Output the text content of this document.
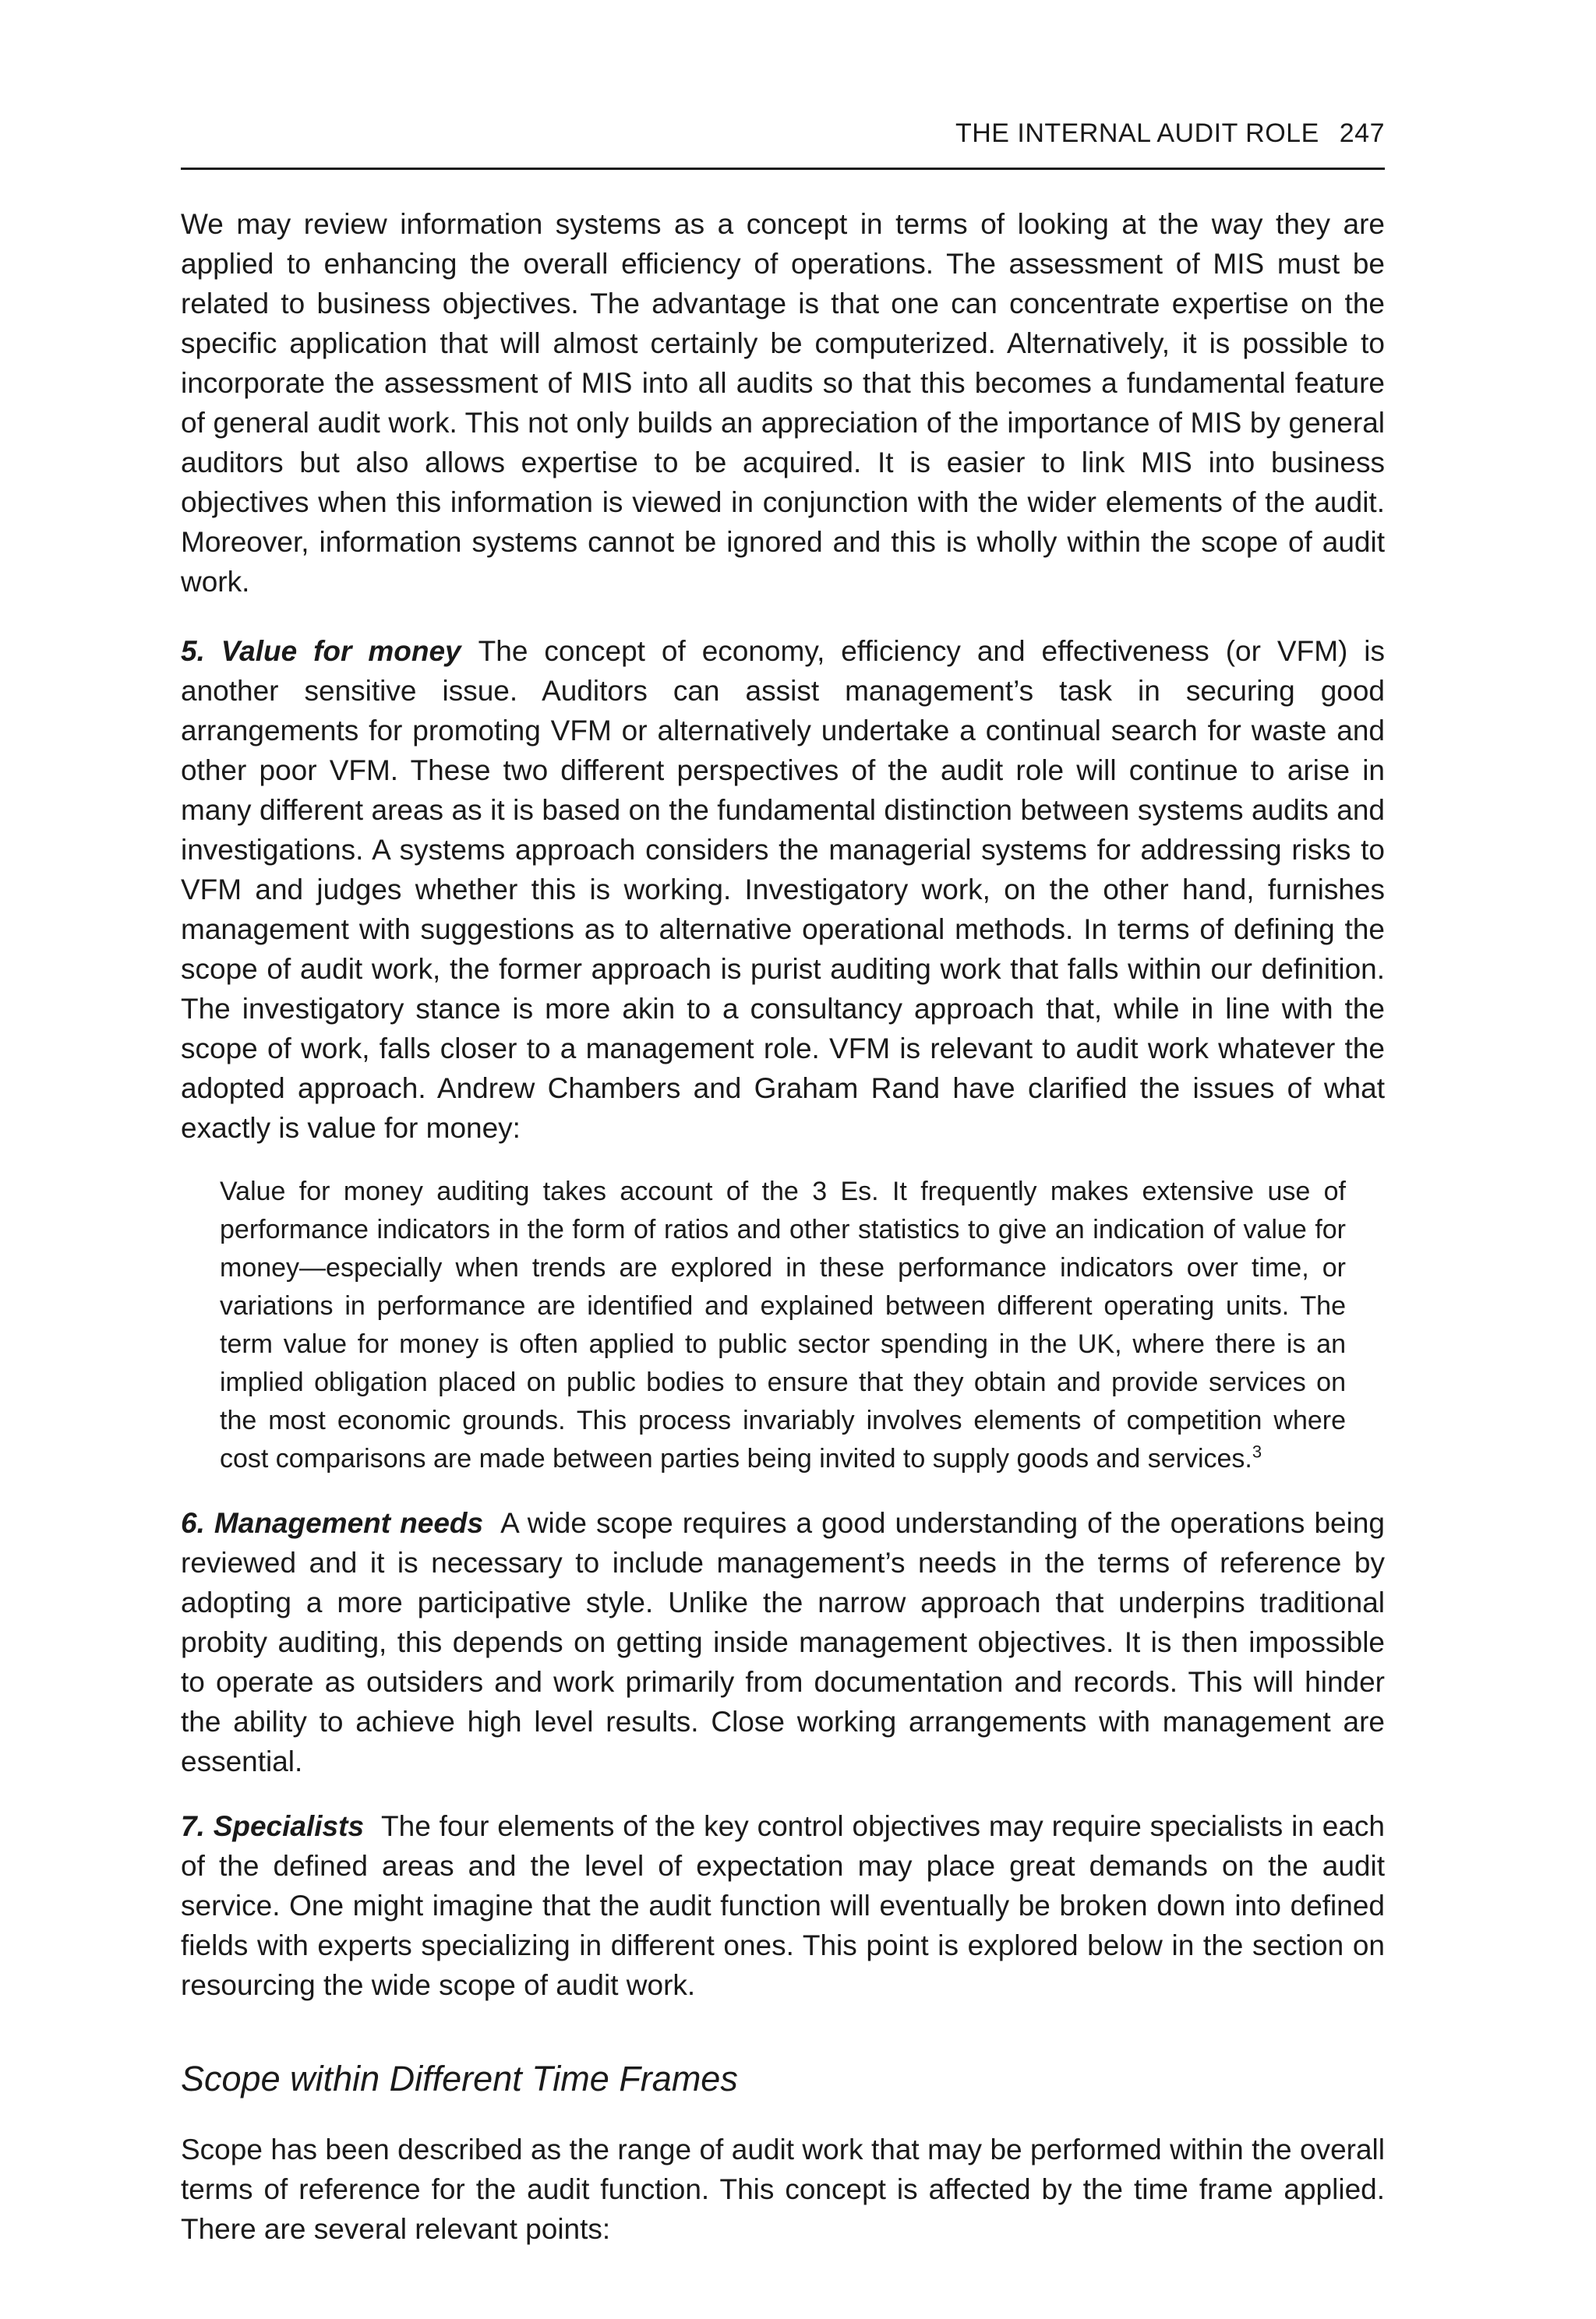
THE INTERNAL AUDIT ROLE 247

We may review information systems as a concept in terms of looking at the way they are applied to enhancing the overall efficiency of operations. The assessment of MIS must be related to business objectives. The advantage is that one can concentrate expertise on the specific application that will almost certainly be computerized. Alternatively, it is possible to incorporate the assessment of MIS into all audits so that this becomes a fundamental feature of general audit work. This not only builds an appreciation of the importance of MIS by general auditors but also allows expertise to be acquired. It is easier to link MIS into business objectives when this information is viewed in conjunction with the wider elements of the audit. Moreover, information systems cannot be ignored and this is wholly within the scope of audit work.

5. Value for money The concept of economy, efficiency and effectiveness (or VFM) is another sensitive issue. Auditors can assist management’s task in securing good arrangements for promoting VFM or alternatively undertake a continual search for waste and other poor VFM. These two different perspectives of the audit role will continue to arise in many different areas as it is based on the fundamental distinction between systems audits and investigations. A systems approach considers the managerial systems for addressing risks to VFM and judges whether this is working. Investigatory work, on the other hand, furnishes management with suggestions as to alternative operational methods. In terms of defining the scope of audit work, the former approach is purist auditing work that falls within our definition. The investigatory stance is more akin to a consultancy approach that, while in line with the scope of work, falls closer to a management role. VFM is relevant to audit work whatever the adopted approach. Andrew Chambers and Graham Rand have clarified the issues of what exactly is value for money:

Value for money auditing takes account of the 3 Es. It frequently makes extensive use of performance indicators in the form of ratios and other statistics to give an indication of value for money—especially when trends are explored in these performance indicators over time, or variations in performance are identified and explained between different operating units. The term value for money is often applied to public sector spending in the UK, where there is an implied obligation placed on public bodies to ensure that they obtain and provide services on the most economic grounds. This process invariably involves elements of competition where cost comparisons are made between parties being invited to supply goods and services.$^3$

6. Management needs A wide scope requires a good understanding of the operations being reviewed and it is necessary to include management’s needs in the terms of reference by adopting a more participative style. Unlike the narrow approach that underpins traditional probity auditing, this depends on getting inside management objectives. It is then impossible to operate as outsiders and work primarily from documentation and records. This will hinder the ability to achieve high level results. Close working arrangements with management are essential.

7. Specialists The four elements of the key control objectives may require specialists in each of the defined areas and the level of expectation may place great demands on the audit service. One might imagine that the audit function will eventually be broken down into defined fields with experts specializing in different ones. This point is explored below in the section on resourcing the wide scope of audit work.

Scope within Different Time Frames

Scope has been described as the range of audit work that may be performed within the overall terms of reference for the audit function. This concept is affected by the time frame applied. There are several relevant points:
